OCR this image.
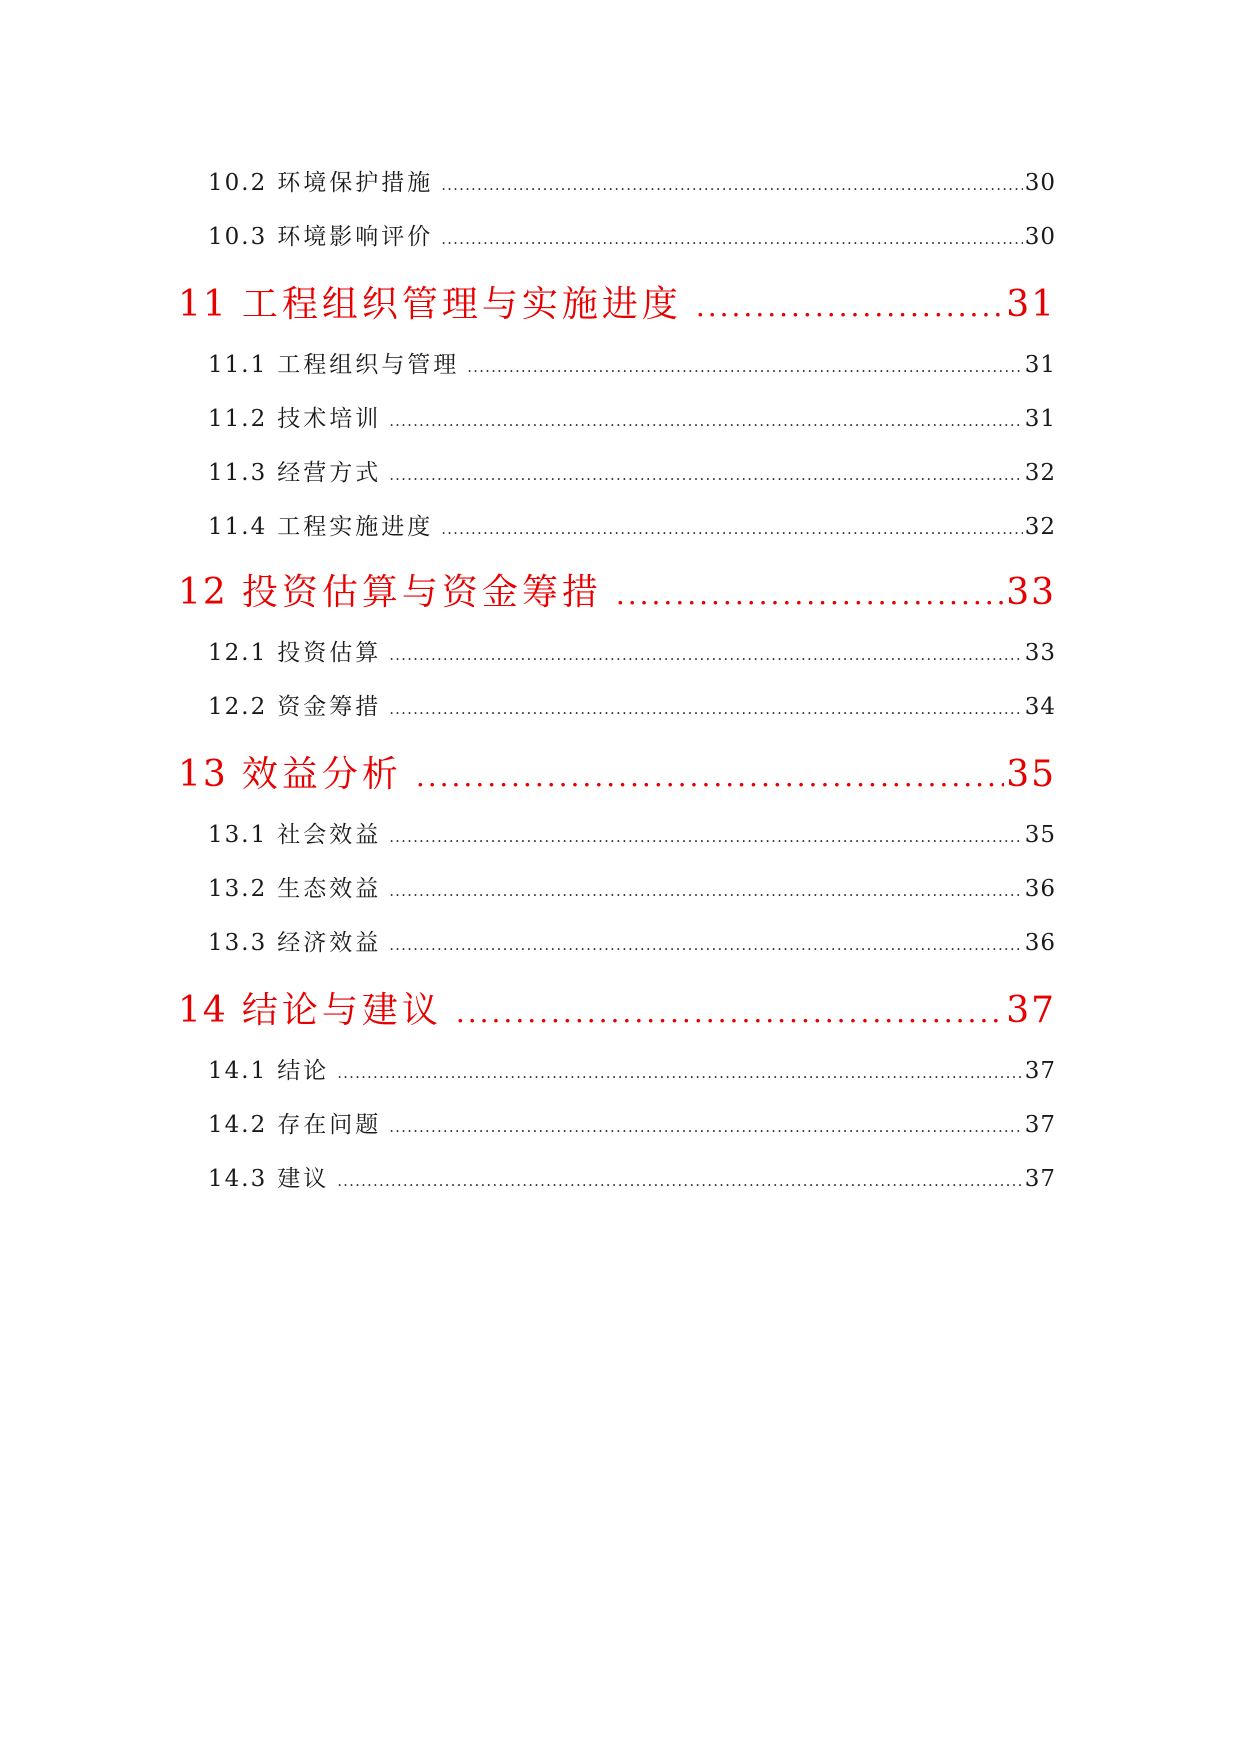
10.2 环境保护措施 .....	30
10.3 环境影响评价 .....	30
11 工程组织管理与实施进度 .....	31
11.1 工程组织与管理 .....	31
11.2 技术培训 .....	31
11.3 经营方式 .....	32
11.4 工程实施进度 .....	32
12 投资估算与资金筹措 .....	33
12.1 投资估算 .....	33
12.2 资金筹措 .....	34
13 效益分析 .....	35
13.1 社会效益 .....	35
13.2 生态效益 .....	36
13.3 经济效益 .....	36
14 结论与建议 .....	37
14.1 结论 .....	37
14.2 存在问题 .....	37
14.3 建议 .....	37
